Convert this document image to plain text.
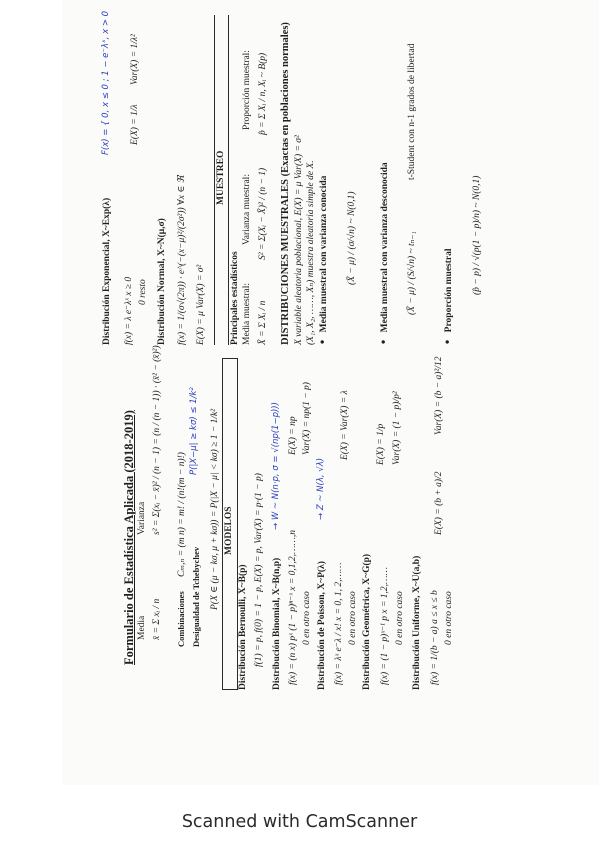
Formulario de Estadística Aplicada (2018-2019) Media x̄ = Σ xᵢ / n
Varianza s² = Σ(xᵢ − x̄)² / (n − 1) = (n / (n − 1)) · (x̄² − (x̄)²)
Combinaciones
Cₘ,ₙ = (m n) = m! / (n!(m − n)!)
Desigualdad de Tchebychev
P(|X−μ| ≥ kσ) ≤ 1/k² P(X ∈ (μ − kσ, μ + kσ)) = P(|X − μ| < kσ) ≥ 1 − 1/k² MODELOS
Distribución Bernoulli, X~B(p) f(1) = p, f(0) = 1 − p, E(X) = p, Var(X) = p·(1 − p) Distribución Binomial, X~B(n,p)
→ W ~ N(n·p, σ = √(np(1−p)))
f(x) = (n x) pˣ (1 − p)ⁿ⁻ˣ x = 0,1,2,……,n 0 en otro caso
E(X) = np Var(X) = np(1 − p)
Distribución de Poisson, X~P(λ)
→ Z ~ N(λ, √λ)
f(x) = λˣ e⁻λ / x! x = 0, 1, 2,…… 0 en otro caso
E(X) = Var(X) = λ
Distribución Geométrica, X~G(p) f(x) = (1 − p)ˣ⁻¹ p x = 1,2,…… 0 en otro caso
E(X) = 1/p Var(X) = (1 − p)/p²
Distribución Uniforme, X~U(a,b) f(x) = 1/(b − a) a ≤ x ≤ b 0 en otro caso
E(X) = (b + a)/2
Var(X) = (b − a)²/12
Distribución Exponencial, X~Exp(λ)
F(x) = { 0, x ≤ 0 ; 1 − e⁻λˣ, x > 0
f(x) = λ e⁻λˣ x ≥ 0 0 resto
E(X) = 1/λ
Var(X) = 1/λ²
Distribución Normal, X~N(μ,σ) f(x) = 1/(σ√(2π)) · e^(−(x−μ)²/(2σ²)) ∀x ∈ ℜ E(X) = μ Var(X) = σ²
MUESTREO
Principales estadísticos Media muestral:
Varianza muestral:
Proporción muestral:
X̄ = Σ Xᵢ / n
S² = Σ(Xᵢ − X̄)² / (n − 1)
p̂ = Σ Xᵢ / n, Xᵢ ~ B(p) DISTRIBUCIONES MUESTRALES (Exactas en poblaciones normales) X variable aleatoria poblacional, E(X) = μ Var(X) = σ² (X₁, X₂, ……, Xₙ) muestra aleatoria simple de X. •  Media muestral con varianza conocida (X̄ − μ) / (σ/√n) ~ N(0,1)
•  Media muestral con varianza desconocida (X̄ − μ) / (S/√n) ~ tₙ₋₁
t-Student con n-1 grados de libertad
•  Proporción muestral (p̂ − p) / √(p(1 − p)/n) ~ N(0,1)
Scanned with CamScanner
